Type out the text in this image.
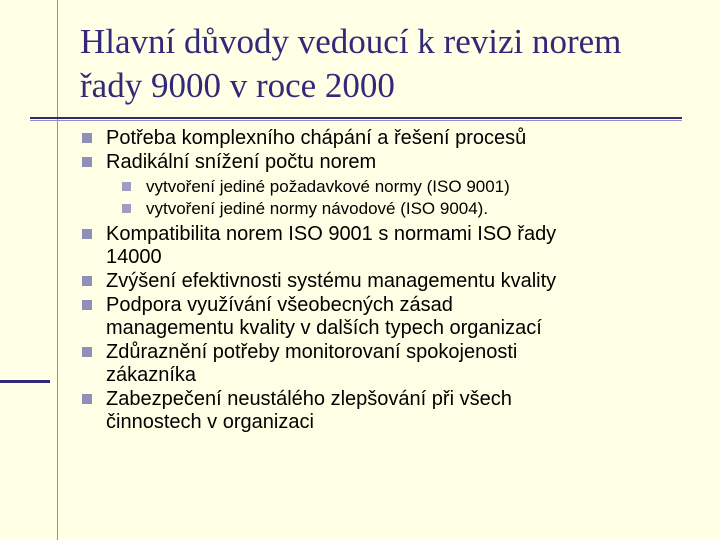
Hlavní důvody vedoucí k revizi norem
řady 9000 v roce 2000
Potřeba komplexního chápání a řešení procesů
Radikální snížení počtu norem
vytvoření jediné požadavkové normy (ISO 9001)
vytvoření jediné normy návodové (ISO 9004).
Kompatibilita norem ISO 9001 s normami ISO řady
14000
Zvýšení efektivnosti systému managementu kvality
Podpora využívání všeobecných zásad
managementu kvality v dalších typech organizací
Zdůraznění potřeby monitorovaní spokojenosti
zákazníka
Zabezpečení neustálého zlepšování při všech
činnostech v organizaci
